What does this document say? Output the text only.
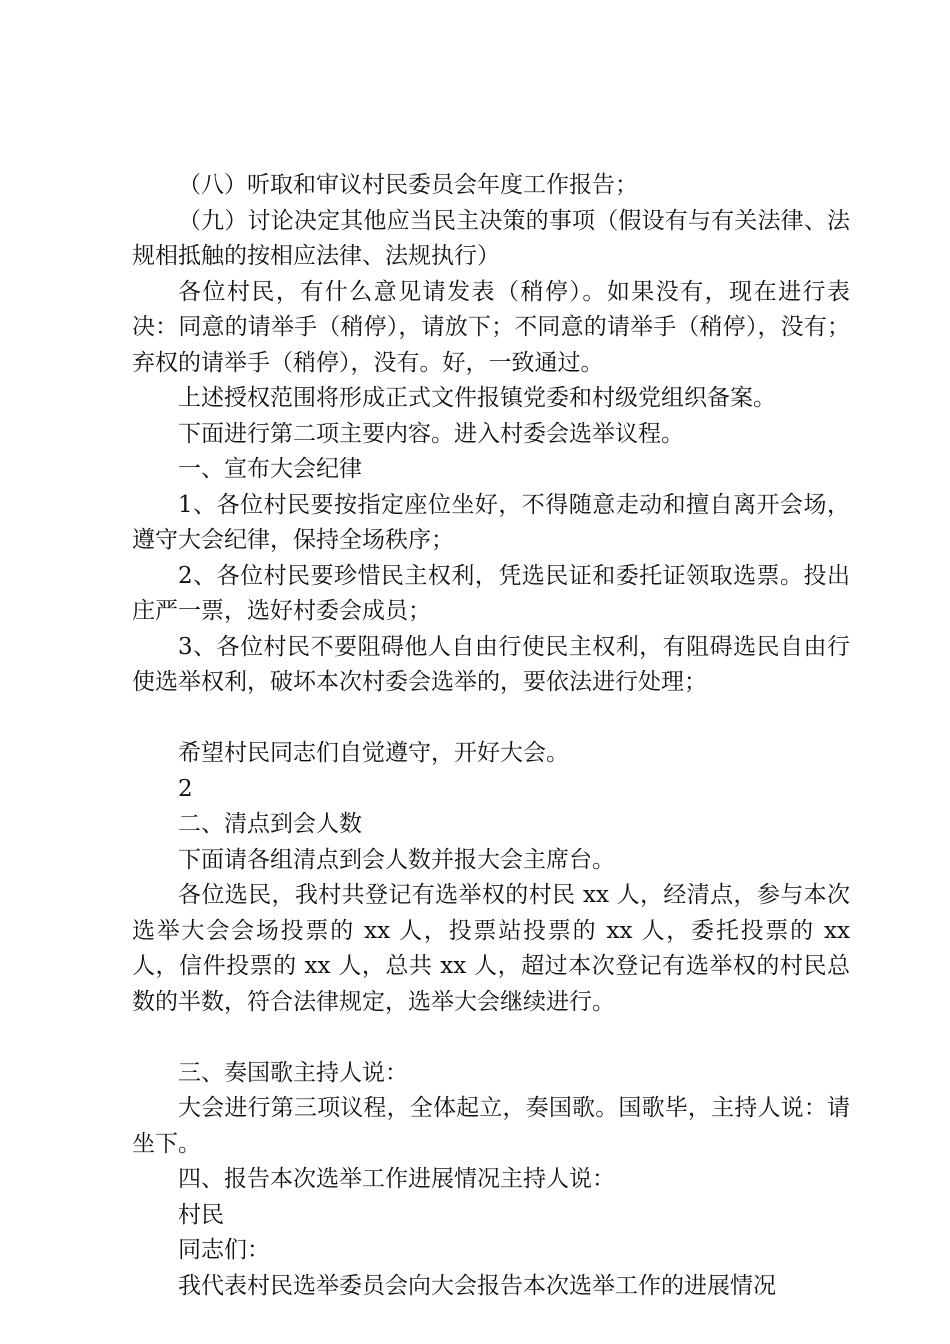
（八）听取和审议村民委员会年度工作报告；

（九）讨论决定其他应当民主决策的事项（假设有与有关法律、法规相抵触的按相应法律、法规执行）

各位村民，有什么意见请发表（稍停）。如果没有，现在进行表决：同意的请举手（稍停），请放下；不同意的请举手（稍停），没有；弃权的请举手（稍停），没有。好，一致通过。

上述授权范围将形成正式文件报镇党委和村级党组织备案。

下面进行第二项主要内容。进入村委会选举议程。

一、宣布大会纪律

1、各位村民要按指定座位坐好，不得随意走动和擅自离开会场，遵守大会纪律，保持全场秩序；

2、各位村民要珍惜民主权利，凭选民证和委托证领取选票。投出庄严一票，选好村委会成员；

3、各位村民不要阻碍他人自由行使民主权利，有阻碍选民自由行使选举权利，破坏本次村委会选举的，要依法进行处理；

希望村民同志们自觉遵守，开好大会。

2

二、清点到会人数

下面请各组清点到会人数并报大会主席台。

各位选民，我村共登记有选举权的村民 xx 人，经清点，参与本次选举大会会场投票的 xx 人，投票站投票的 xx 人，委托投票的 xx 人，信件投票的 xx 人，总共 xx 人，超过本次登记有选举权的村民总数的半数，符合法律规定，选举大会继续进行。

三、奏国歌主持人说：

大会进行第三项议程，全体起立，奏国歌。国歌毕，主持人说：请坐下。

四、报告本次选举工作进展情况主持人说：

村民

同志们：

我代表村民选举委员会向大会报告本次选举工作的进展情况
